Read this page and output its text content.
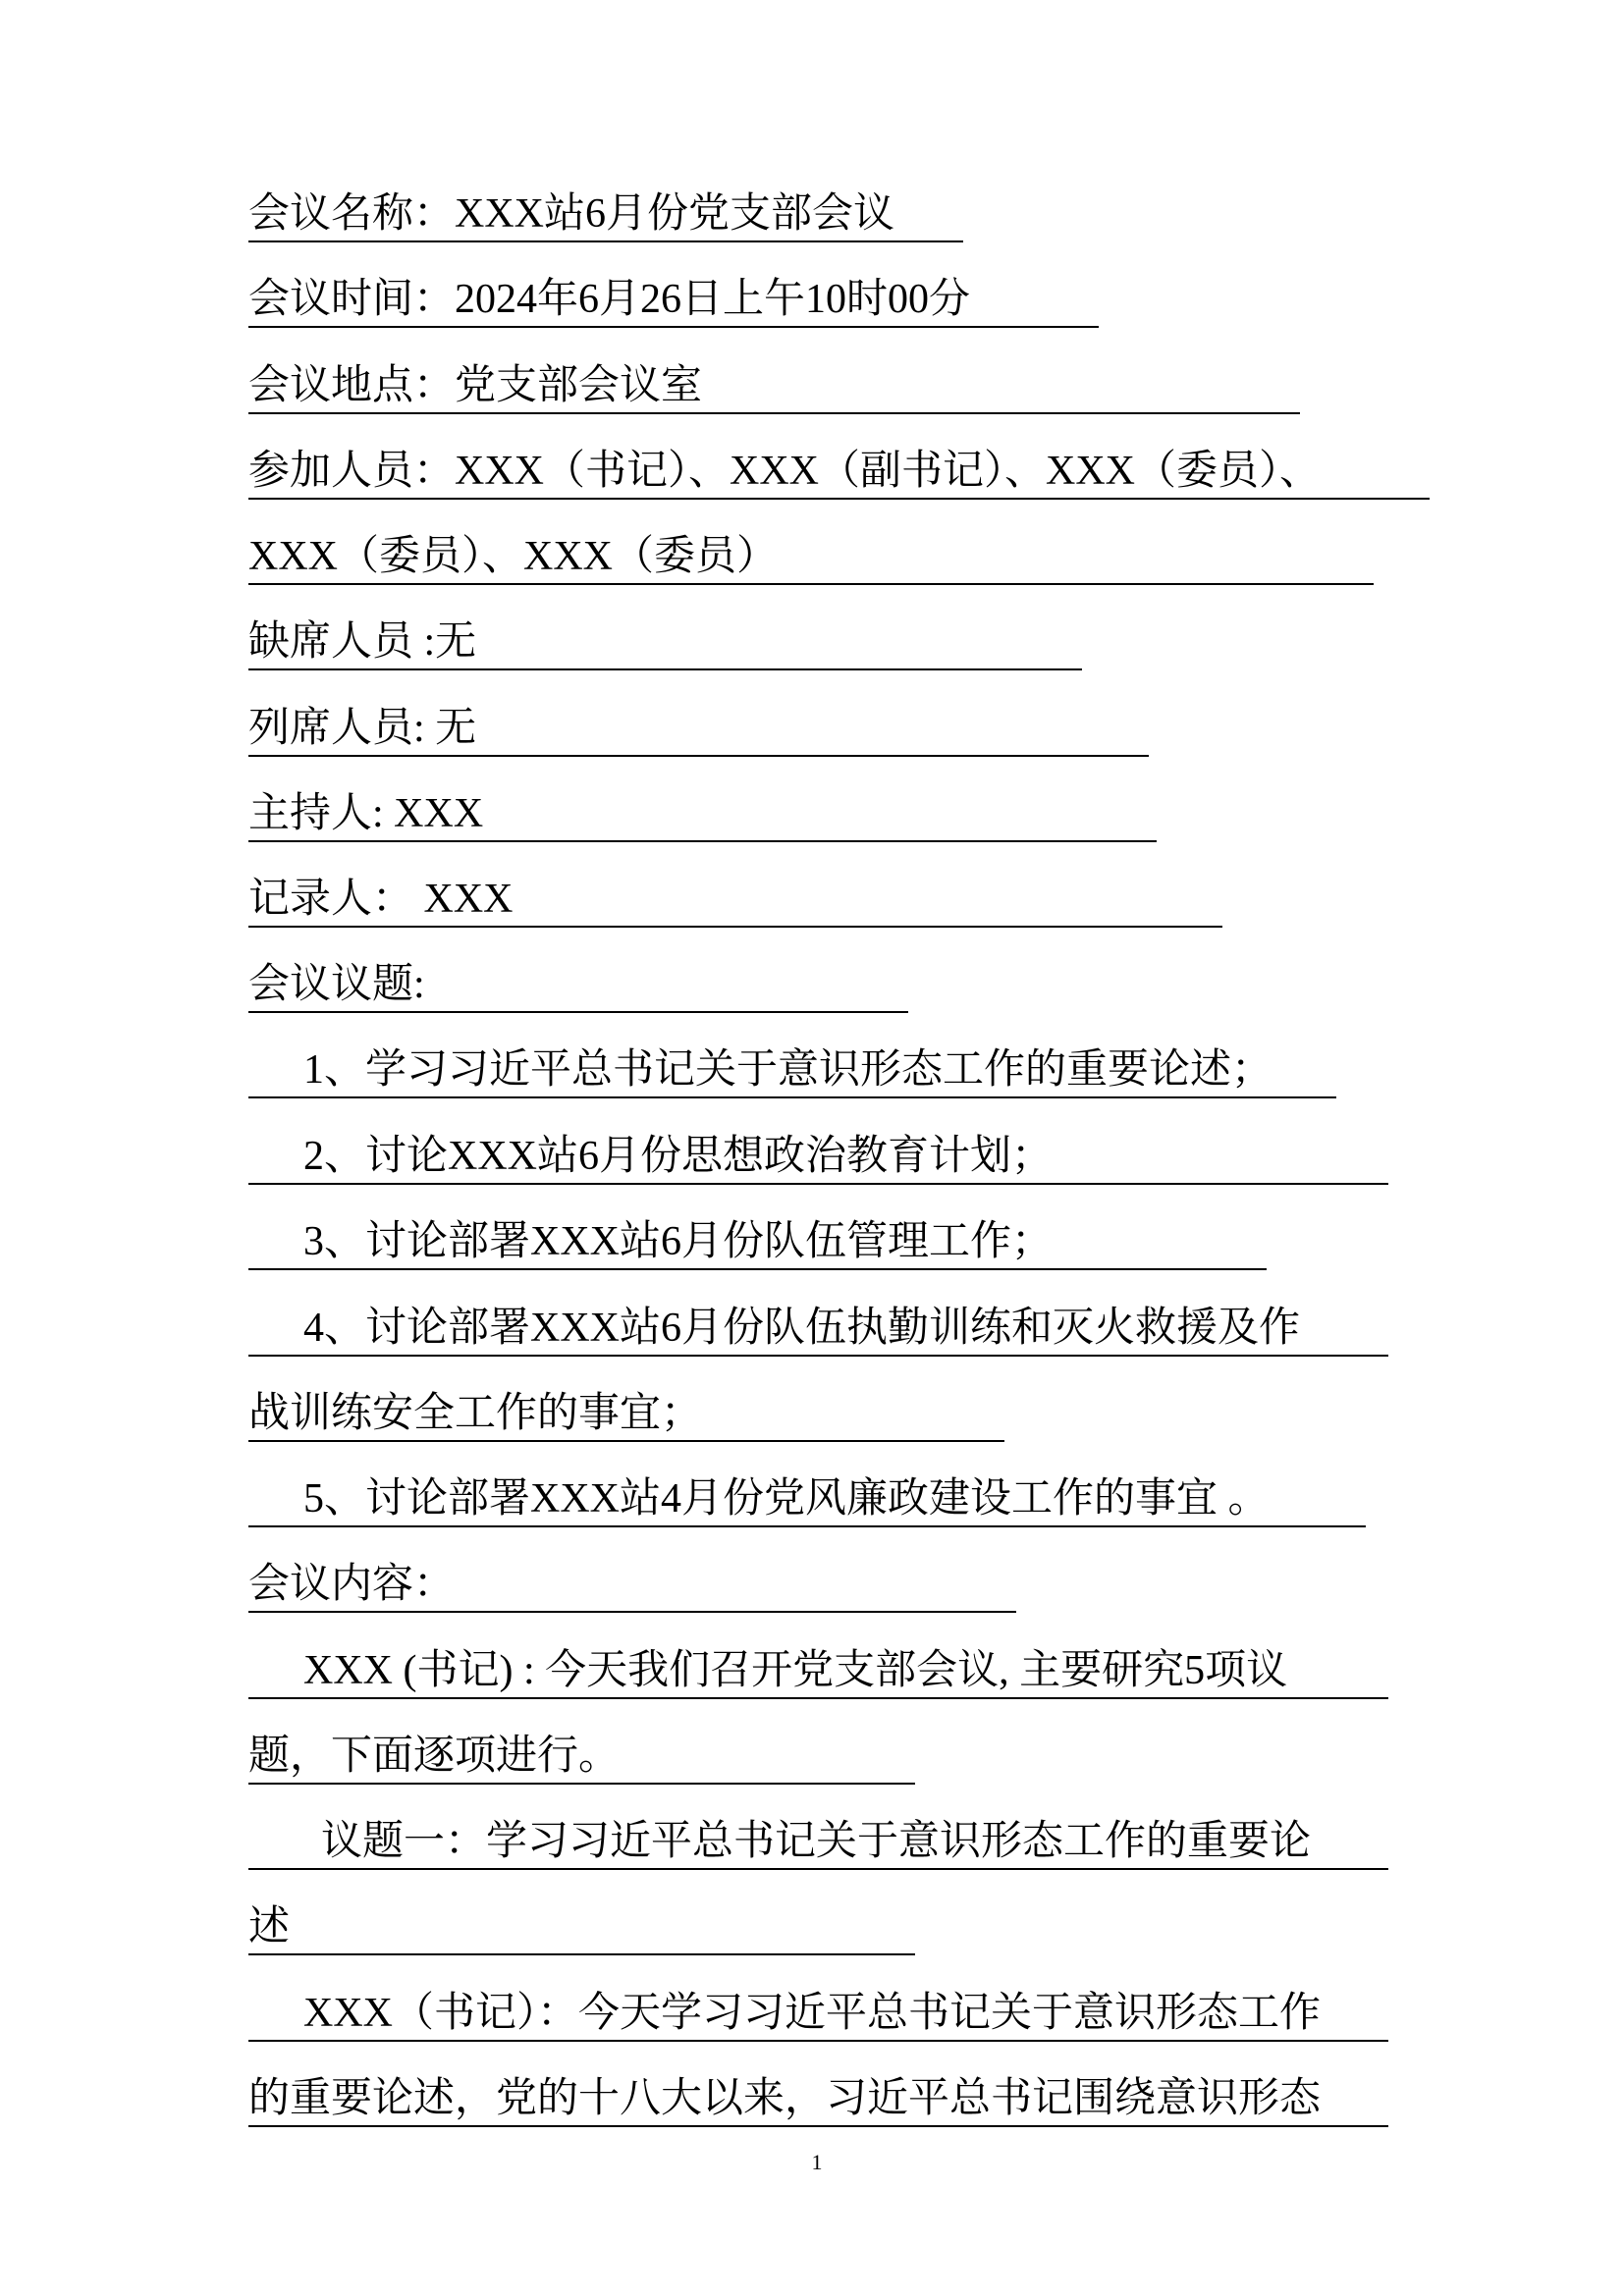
会议名称：XXX站6月份党支部会议
会议时间：2024年6月26日上午10时00分
会议地点：党支部会议室
参加人员：XXX（书记）、XXX（副书记）、XXX（委员）、
XXX（委员）、XXX（委员）
缺席人员 :无
列席人员: 无
主持人: XXX
记录人： XXX
会议议题:
1、学习习近平总书记关于意识形态工作的重要论述；
2、讨论XXX站6月份思想政治教育计划；
3、讨论部署XXX站6月份队伍管理工作；
4、讨论部署XXX站6月份队伍执勤训练和灭火救援及作
战训练安全工作的事宜；
5、讨论部署XXX站4月份党风廉政建设工作的事宜 。
会议内容：
XXX (书记) : 今天我们召开党支部会议, 主要研究5项议
题，下面逐项进行。
议题一：学习习近平总书记关于意识形态工作的重要论
述
XXX（书记）：今天学习习近平总书记关于意识形态工作
的重要论述，党的十八大以来，习近平总书记围绕意识形态
1
